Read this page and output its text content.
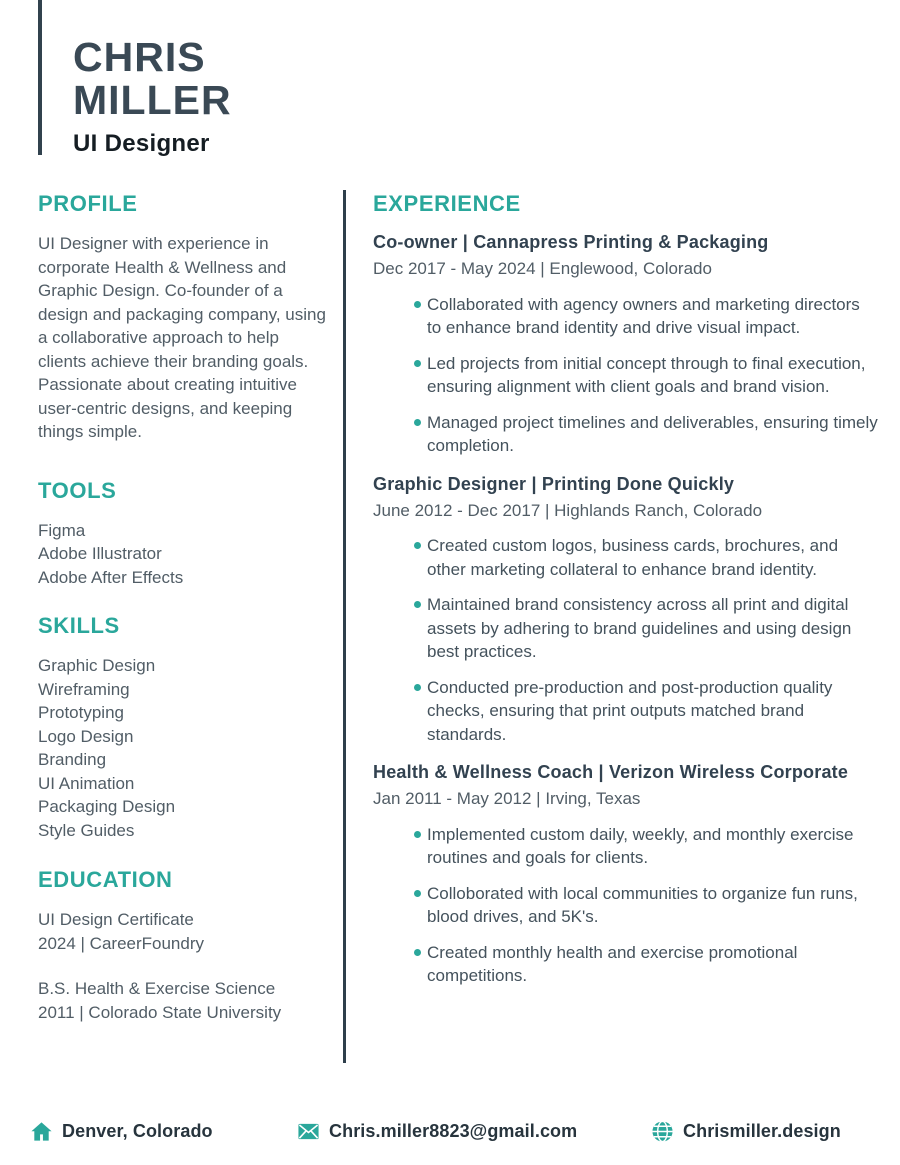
CHRIS
MILLER
UI Designer
PROFILE

UI Designer with experience in corporate Health & Wellness and Graphic Design. Co-founder of a design and packaging company, using a collaborative approach to help clients achieve their branding goals. Passionate about creating intuitive user-centric designs, and keeping things simple.

TOOLS
Figma
Adobe Illustrator
Adobe After Effects
SKILLS
Graphic Design
Wireframing
Prototyping
Logo Design
Branding
UI Animation
Packaging Design
Style Guides
EDUCATION
UI Design Certificate
2024 | CareerFoundry
B.S. Health & Exercise Science
2011 | Colorado State University
EXPERIENCE
Co-owner | Cannapress Printing & Packaging
Dec 2017 - May 2024 | Englewood, Colorado
Collaborated with agency owners and marketing directors to enhance brand identity and drive visual impact.
Led projects from initial concept through to final execution, ensuring alignment with client goals and brand vision.
Managed project timelines and deliverables, ensuring timely completion.
Graphic Designer | Printing Done Quickly
June 2012 - Dec 2017 | Highlands Ranch, Colorado
Created custom logos, business cards, brochures, and other marketing collateral to enhance brand identity.
Maintained brand consistency across all print and digital assets by adhering to brand guidelines and using design best practices.
Conducted pre-production and post-production quality checks, ensuring that print outputs matched brand standards.
Health & Wellness Coach | Verizon Wireless Corporate
Jan 2011 - May 2012 | Irving, Texas
Implemented custom daily, weekly, and monthly exercise routines and goals for clients.
Colloborated with local communities to organize fun runs, blood drives, and 5K's.
Created monthly health and exercise promotional competitions.
Denver, Colorado	Chris.miller8823@gmail.com	Chrismiller.design
